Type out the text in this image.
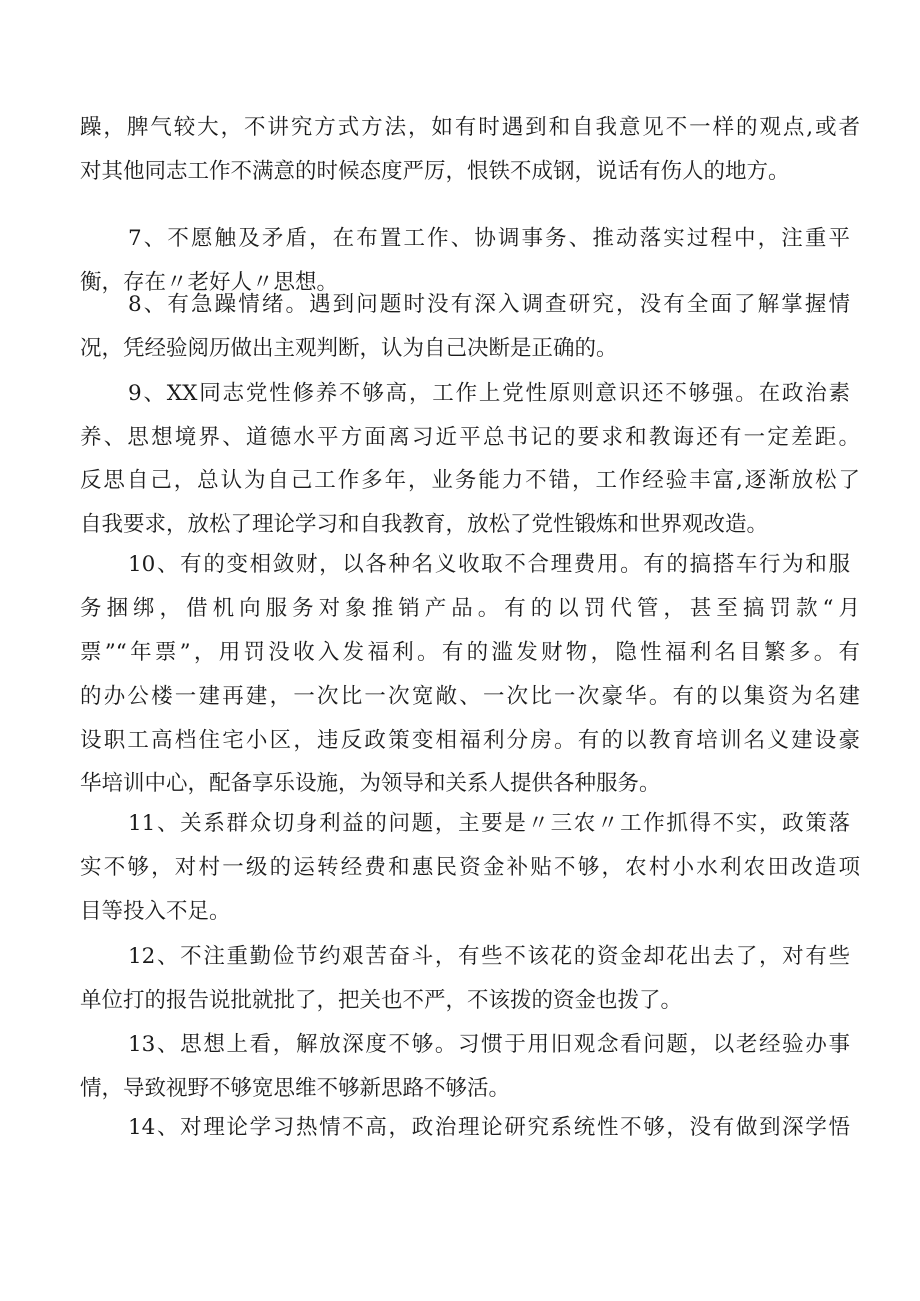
躁，脾气较大，不讲究方式方法，如有时遇到和自我意见不一样的观点,或者
对其他同志工作不满意的时候态度严厉，恨铁不成钢，说话有伤人的地方。
7、不愿触及矛盾，在布置工作、协调事务、推动落实过程中，注重平
衡，存在〃老好人〃思想。
8、有急躁情绪。遇到问题时没有深入调查研究，没有全面了解掌握情
况，凭经验阅历做出主观判断，认为自己决断是正确的。
9、XX同志党性修养不够高，工作上党性原则意识还不够强。在政治素
养、思想境界、道德水平方面离习近平总书记的要求和教诲还有一定差距。
反思自己，总认为自己工作多年，业务能力不错，工作经验丰富,逐渐放松了
自我要求，放松了理论学习和自我教育，放松了党性锻炼和世界观改造。
10、有的变相敛财，以各种名义收取不合理费用。有的搞搭车行为和服
务捆绑，借机向服务对象推销产品。有的以罚代管，甚至搞罚款“月
票”“年票”，用罚没收入发福利。有的滥发财物，隐性福利名目繁多。有
的办公楼一建再建，一次比一次宽敞、一次比一次豪华。有的以集资为名建
设职工高档住宅小区，违反政策变相福利分房。有的以教育培训名义建设豪
华培训中心，配备享乐设施，为领导和关系人提供各种服务。
11、关系群众切身利益的问题，主要是〃三农〃工作抓得不实，政策落
实不够，对村一级的运转经费和惠民资金补贴不够，农村小水利农田改造项
目等投入不足。
12、不注重勤俭节约艰苦奋斗，有些不该花的资金却花出去了，对有些
单位打的报告说批就批了，把关也不严，不该拨的资金也拨了。
13、思想上看，解放深度不够。习惯于用旧观念看问题，以老经验办事
情，导致视野不够宽思维不够新思路不够活。
14、对理论学习热情不高，政治理论研究系统性不够，没有做到深学悟
